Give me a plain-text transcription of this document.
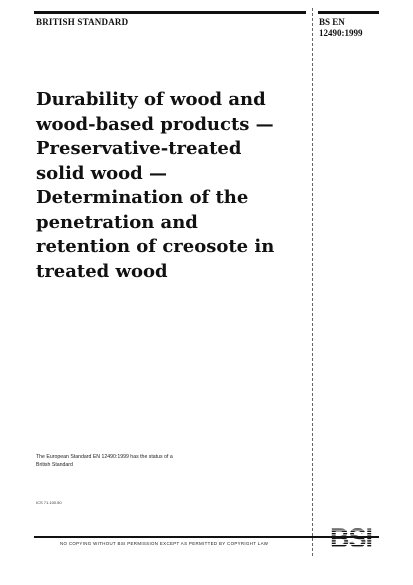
BRITISH STANDARD	BS EN
12490:1999
Durability of wood and
wood-based products —
Preservative-treated
solid wood —
Determination of the
penetration and
retention of creosote in
treated wood
The European Standard EN 12490:1999 has the status of a
British Standard
ICS 71.100.50
NO COPYING WITHOUT BSI PERMISSION EXCEPT AS PERMITTED BY COPYRIGHT LAW BSI
